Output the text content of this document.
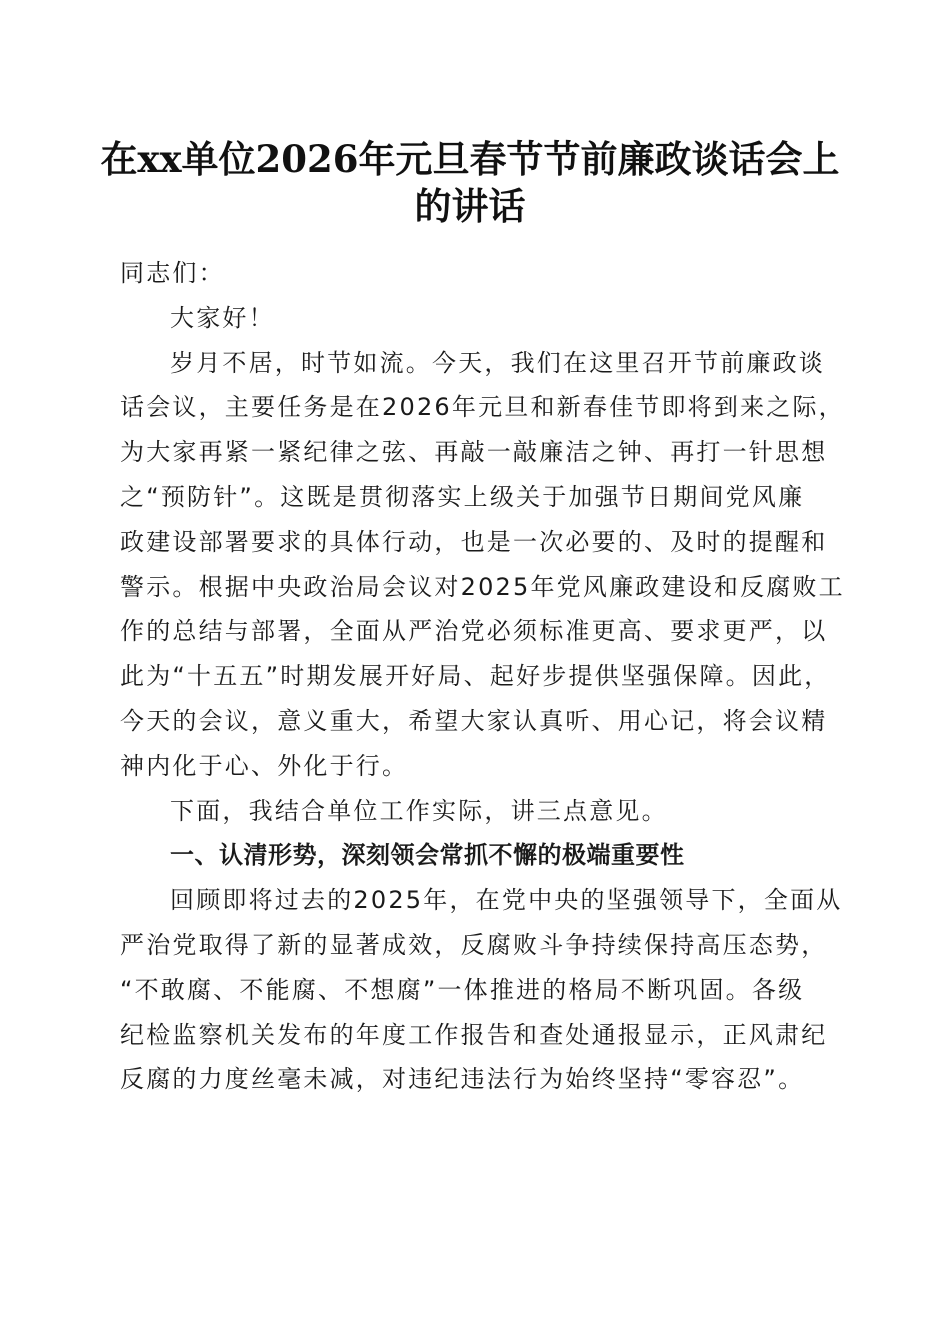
在xx单位2026年元旦春节节前廉政谈话会上
的讲话

同志们：

大家好！

岁月不居，时节如流。今天，我们在这里召开节前廉政谈

话会议，主要任务是在2026年元旦和新春佳节即将到来之际，
为大家再紧一紧纪律之弦、再敲一敲廉洁之钟、再打一针思想
之“预防针”。这既是贯彻落实上级关于加强节日期间党风廉
政建设部署要求的具体行动，也是一次必要的、及时的提醒和
警示。根据中央政治局会议对2025年党风廉政建设和反腐败工
作的总结与部署，全面从严治党必须标准更高、要求更严，以
此为“十五五”时期发展开好局、起好步提供坚强保障。因此，
今天的会议，意义重大，希望大家认真听、用心记，将会议精
神内化于心、外化于行。

下面，我结合单位工作实际，讲三点意见。

一、认清形势，深刻领会常抓不懈的极端重要性

回顾即将过去的2025年，在党中央的坚强领导下，全面从

严治党取得了新的显著成效，反腐败斗争持续保持高压态势，
“不敢腐、不能腐、不想腐”一体推进的格局不断巩固。各级
纪检监察机关发布的年度工作报告和查处通报显示，正风肃纪
反腐的力度丝毫未减，对违纪违法行为始终坚持“零容忍”。
